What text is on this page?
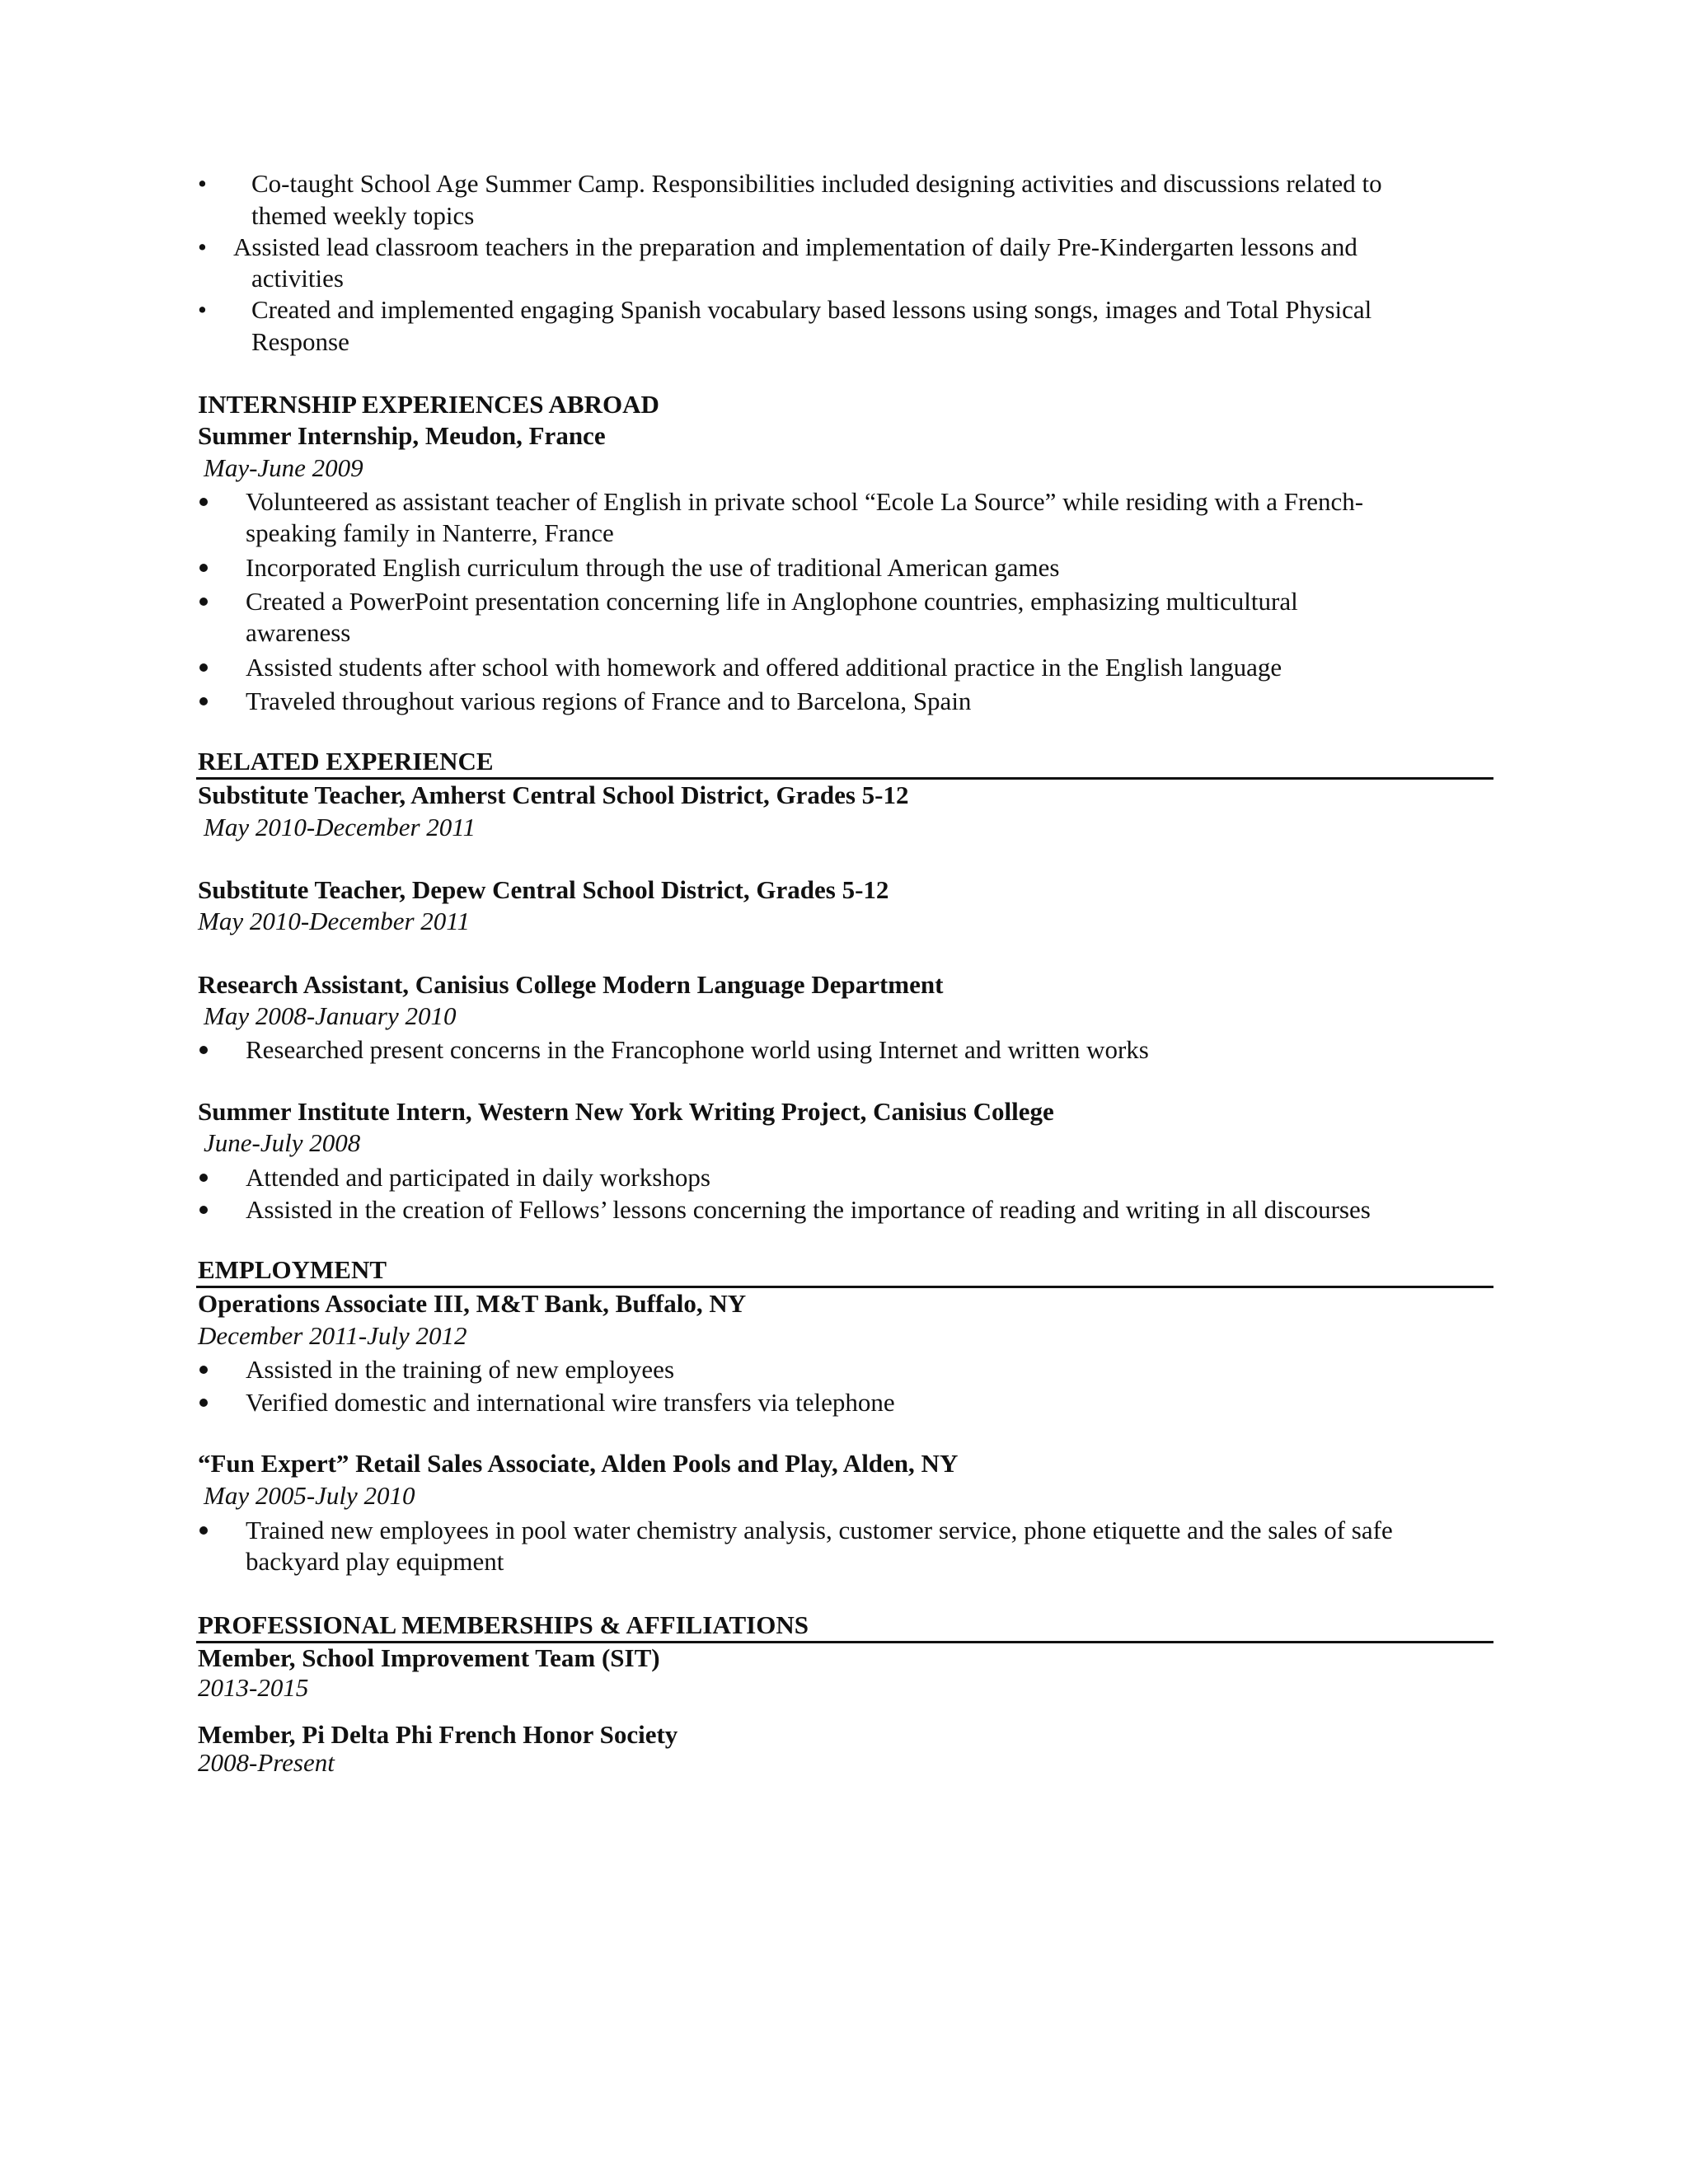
• Co-taught School Age Summer Camp. Responsibilities included designing activities and discussions related to
themed weekly topics
• Assisted lead classroom teachers in the preparation and implementation of daily Pre-Kindergarten lessons and
activities
• Created and implemented engaging Spanish vocabulary based lessons using songs, images and Total Physical
Response
INTERNSHIP EXPERIENCES ABROAD
Summer Internship, Meudon, France
May-June 2009
Volunteered as assistant teacher of English in private school “Ecole La Source” while residing with a French-
speaking family in Nanterre, France
Incorporated English curriculum through the use of traditional American games
Created a PowerPoint presentation concerning life in Anglophone countries, emphasizing multicultural
awareness
Assisted students after school with homework and offered additional practice in the English language
Traveled throughout various regions of France and to Barcelona, Spain
RELATED EXPERIENCE
Substitute Teacher, Amherst Central School District, Grades 5-12
May 2010-December 2011
Substitute Teacher, Depew Central School District, Grades 5-12
May 2010-December 2011
Research Assistant, Canisius College Modern Language Department
May 2008-January 2010
Researched present concerns in the Francophone world using Internet and written works
Summer Institute Intern, Western New York Writing Project, Canisius College
June-July 2008
Attended and participated in daily workshops
Assisted in the creation of Fellows’ lessons concerning the importance of reading and writing in all discourses
EMPLOYMENT
Operations Associate III, M&T Bank, Buffalo, NY
December 2011-July 2012
Assisted in the training of new employees
Verified domestic and international wire transfers via telephone
“Fun Expert” Retail Sales Associate, Alden Pools and Play, Alden, NY
May 2005-July 2010
Trained new employees in pool water chemistry analysis, customer service, phone etiquette and the sales of safe
backyard play equipment
PROFESSIONAL MEMBERSHIPS & AFFILIATIONS
Member, School Improvement Team (SIT)
2013-2015
Member, Pi Delta Phi French Honor Society
2008-Present
